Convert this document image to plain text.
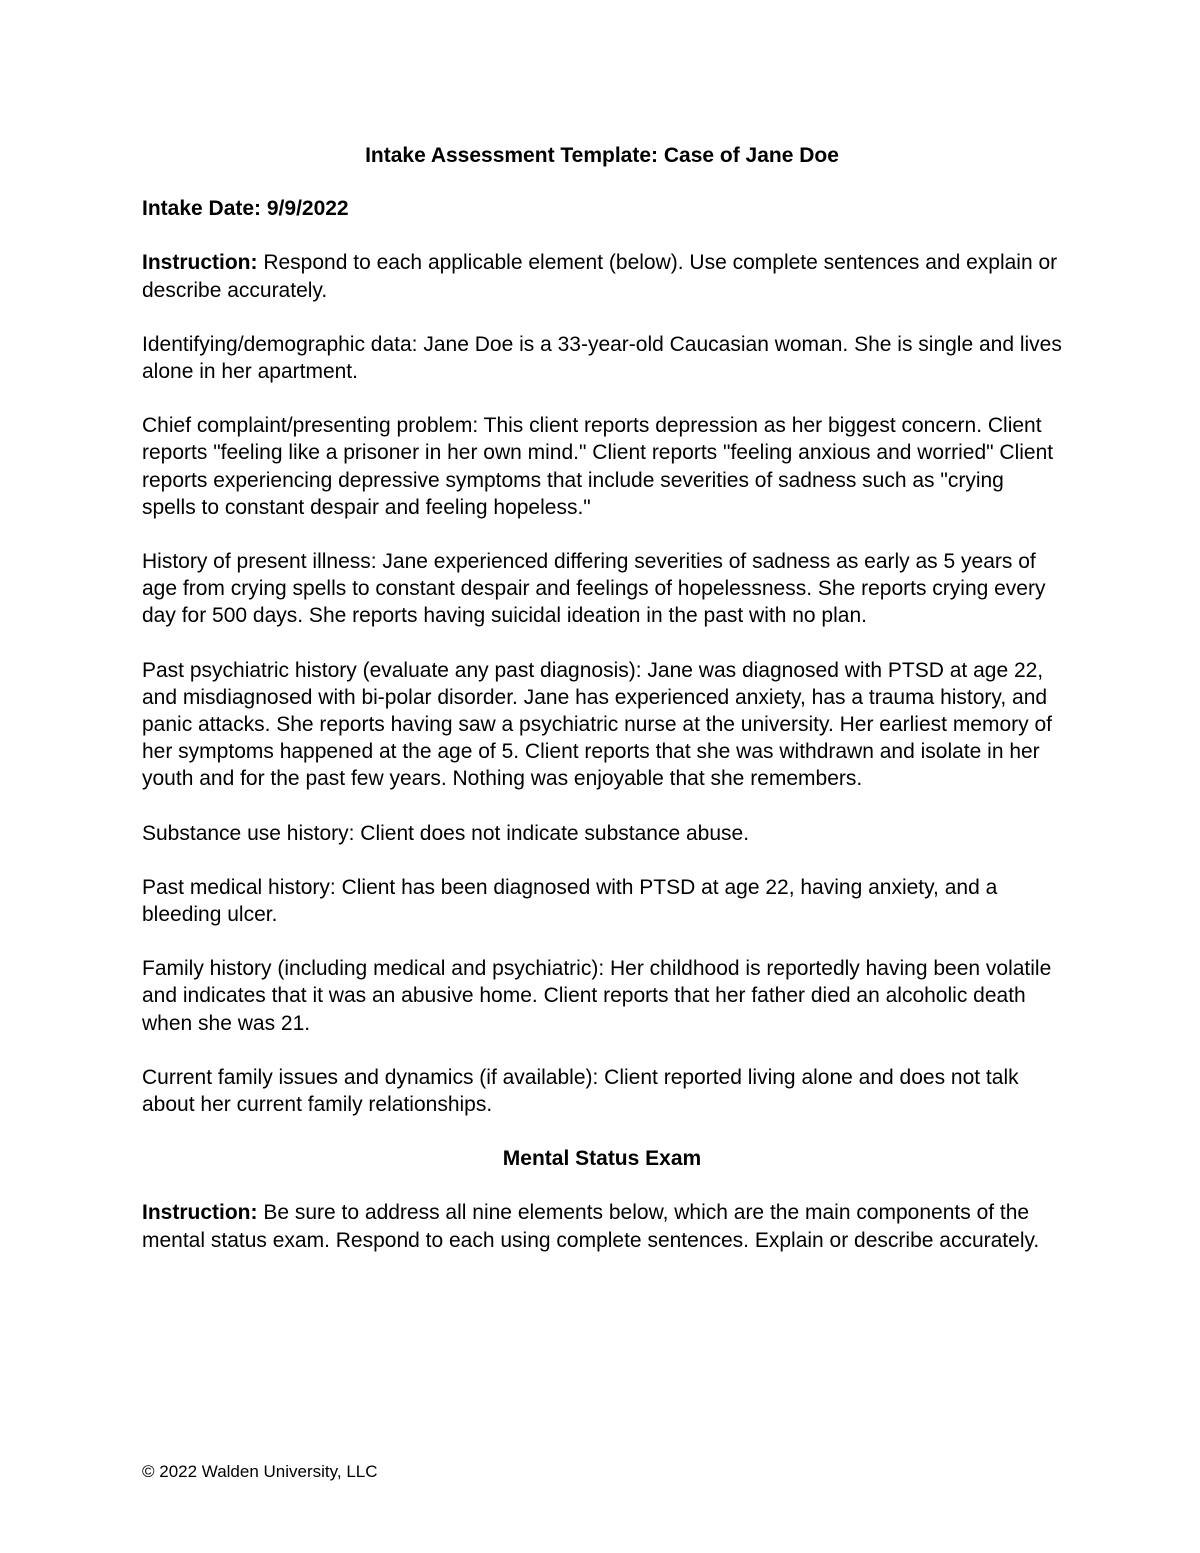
Intake Assessment Template: Case of Jane Doe
Intake Date: 9/9/2022
Instruction: Respond to each applicable element (below). Use complete sentences and explain or describe accurately.
Identifying/demographic data: Jane Doe is a 33-year-old Caucasian woman. She is single and lives alone in her apartment.
Chief complaint/presenting problem: This client reports depression as her biggest concern. Client reports "feeling like a prisoner in her own mind." Client reports "feeling anxious and worried" Client reports experiencing depressive symptoms that include severities of sadness such as "crying spells to constant despair and feeling hopeless."
History of present illness: Jane experienced differing severities of sadness as early as 5 years of age from crying spells to constant despair and feelings of hopelessness. She reports crying every day for 500 days. She reports having suicidal ideation in the past with no plan.
Past psychiatric history (evaluate any past diagnosis): Jane was diagnosed with PTSD at age 22, and misdiagnosed with bi-polar disorder. Jane has experienced anxiety, has a trauma history, and panic attacks. She reports having saw a psychiatric nurse at the university. Her earliest memory of her symptoms happened at the age of 5. Client reports that she was withdrawn and isolate in her youth and for the past few years. Nothing was enjoyable that she remembers.
Substance use history: Client does not indicate substance abuse.
Past medical history: Client has been diagnosed with PTSD at age 22, having anxiety, and a bleeding ulcer.
Family history (including medical and psychiatric): Her childhood is reportedly having been volatile and indicates that it was an abusive home. Client reports that her father died an alcoholic death when she was 21.
Current family issues and dynamics (if available): Client reported living alone and does not talk about her current family relationships.
Mental Status Exam
Instruction: Be sure to address all nine elements below, which are the main components of the mental status exam. Respond to each using complete sentences. Explain or describe accurately.
© 2022 Walden University, LLC
